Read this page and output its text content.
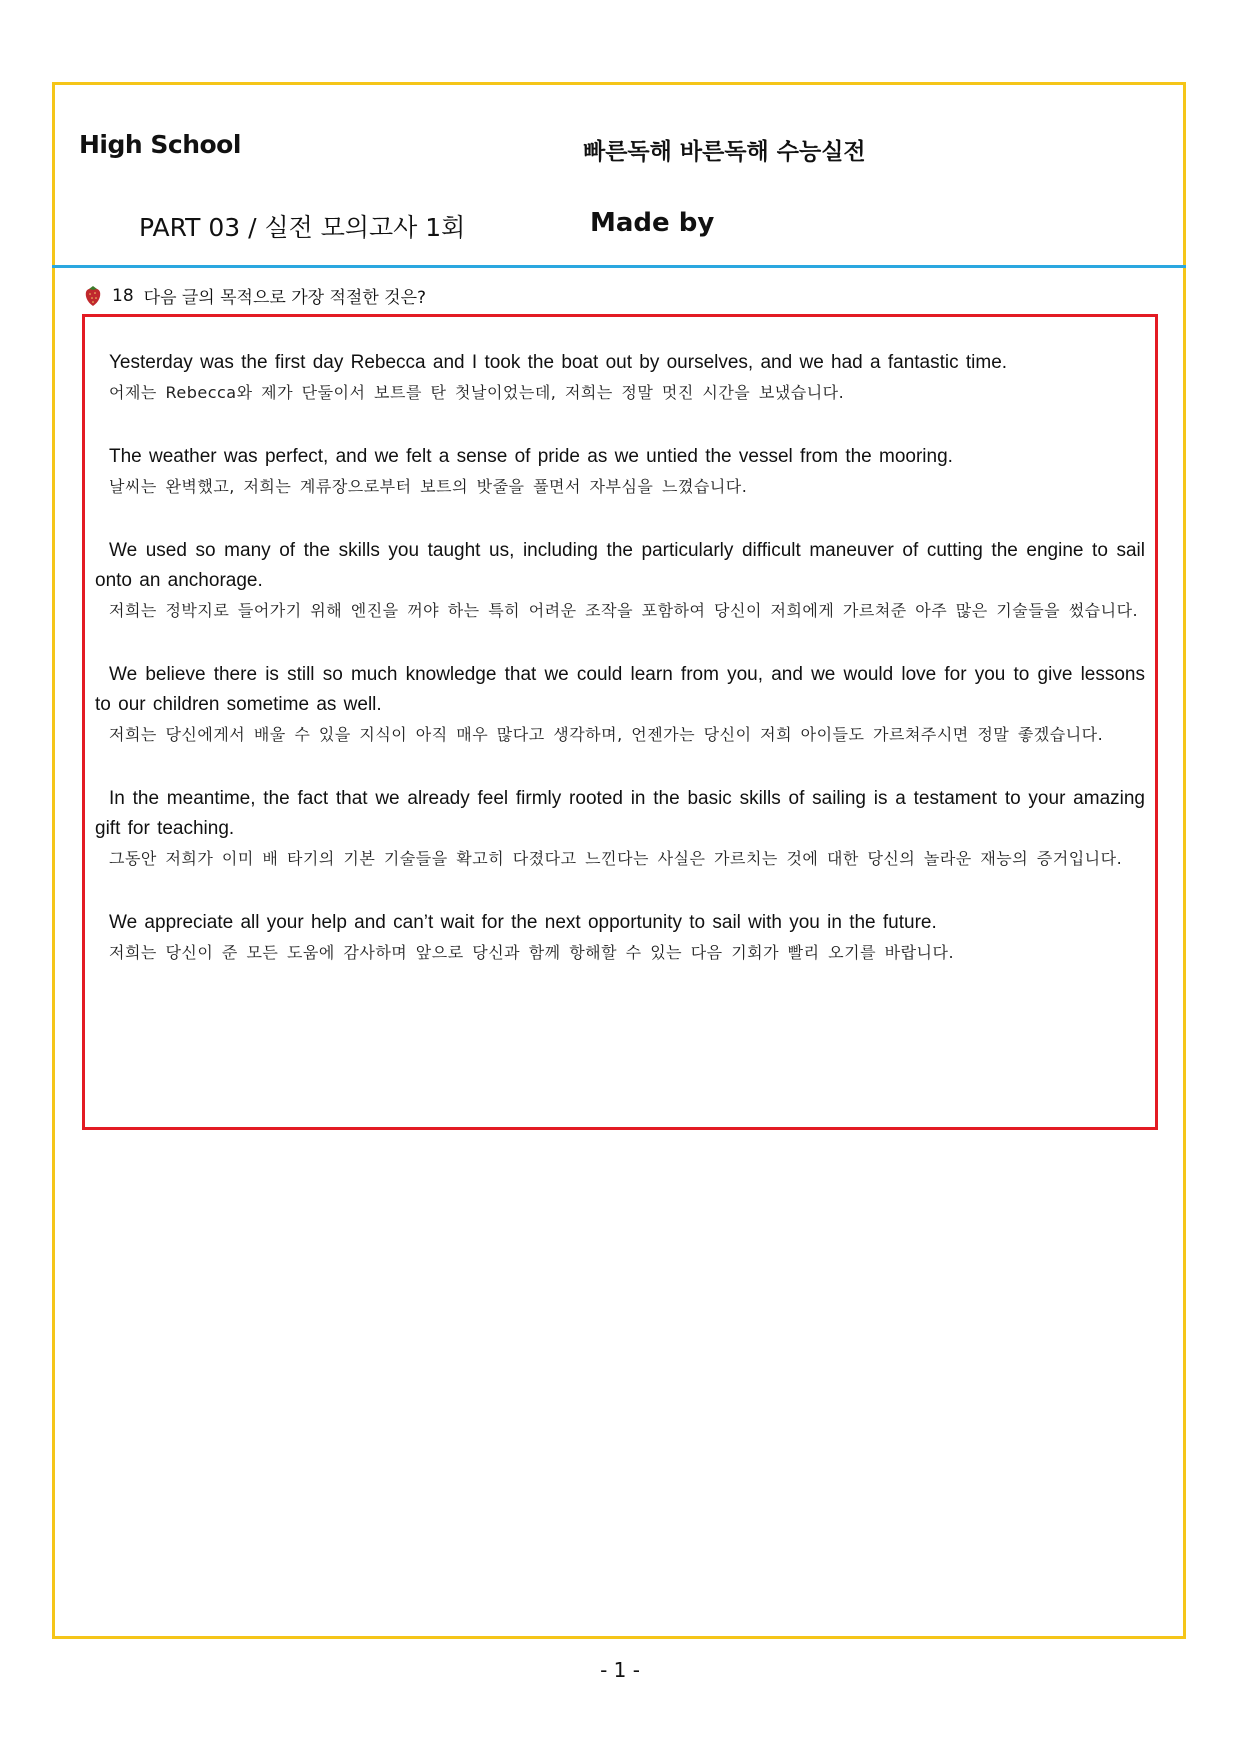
High School	빠른독해 바른독해 수능실전
PART 03 / 실전 모의고사 1회	Made by
18 다음 글의 목적으로 가장 적절한 것은?
Yesterday was the first day Rebecca and I took the boat out by ourselves, and we had a fantastic time.
어제는 Rebecca와 제가 단둘이서 보트를 탄 첫날이었는데, 저희는 정말 멋진 시간을 보냈습니다.
The weather was perfect, and we felt a sense of pride as we untied the vessel from the mooring.
날씨는 완벽했고, 저희는 계류장으로부터 보트의 밧줄을 풀면서 자부심을 느꼈습니다.
We used so many of the skills you taught us, including the particularly difficult maneuver of cutting the engine to sail onto an anchorage.
저희는 정박지로 들어가기 위해 엔진을 꺼야 하는 특히 어려운 조작을 포함하여 당신이 저희에게 가르쳐준 아주 많은 기술들을 썼습니다.
We believe there is still so much knowledge that we could learn from you, and we would love for you to give lessons to our children sometime as well.
저희는 당신에게서 배울 수 있을 지식이 아직 매우 많다고 생각하며, 언젠가는 당신이 저희 아이들도 가르쳐주시면 정말 좋겠습니다.
In the meantime, the fact that we already feel firmly rooted in the basic skills of sailing is a testament to your amazing gift for teaching.
그동안 저희가 이미 배 타기의 기본 기술들을 확고히 다졌다고 느낀다는 사실은 가르치는 것에 대한 당신의 놀라운 재능의 증거입니다.
We appreciate all your help and can’t wait for the next opportunity to sail with you in the future.
저희는 당신이 준 모든 도움에 감사하며 앞으로 당신과 함께 항해할 수 있는 다음 기회가 빨리 오기를 바랍니다.
- 1 -
